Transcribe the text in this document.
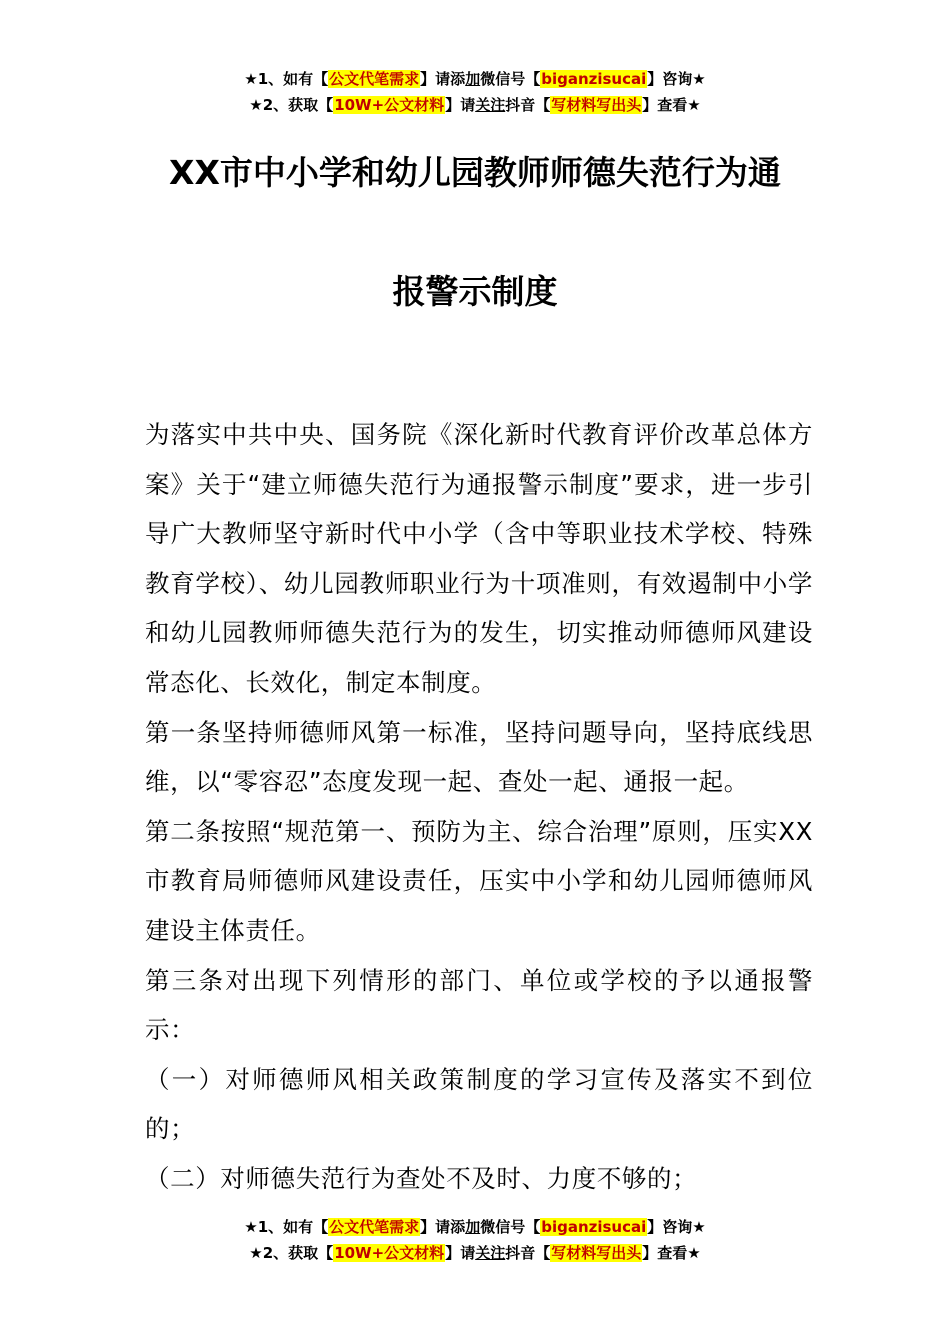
★1、如有【公文代笔需求】请添加微信号【biganzisucai】咨询★
★2、获取【10W+公文材料】请关注抖音【写材料写出头】查看★
XX市中小学和幼儿园教师师德失范行为通
报警示制度

为落实中共中央、国务院《深化新时代教育评价改革总体方案》关于“建立师德失范行为通报警示制度”要求，进一步引导广大教师坚守新时代中小学（含中等职业技术学校、特殊教育学校）、幼儿园教师职业行为十项准则，有效遏制中小学和幼儿园教师师德失范行为的发生，切实推动师德师风建设常态化、长效化，制定本制度。

第一条坚持师德师风第一标准，坚持问题导向，坚持底线思维，以“零容忍”态度发现一起、查处一起、通报一起。

第二条按照“规范第一、预防为主、综合治理”原则，压实XX市教育局师德师风建设责任，压实中小学和幼儿园师德师风建设主体责任。

第三条对出现下列情形的部门、单位或学校的予以通报警示：

（一）对师德师风相关政策制度的学习宣传及落实不到位的；

（二）对师德失范行为查处不及时、力度不够的；

★1、如有【公文代笔需求】请添加微信号【biganzisucai】咨询★
★2、获取【10W+公文材料】请关注抖音【写材料写出头】查看★
